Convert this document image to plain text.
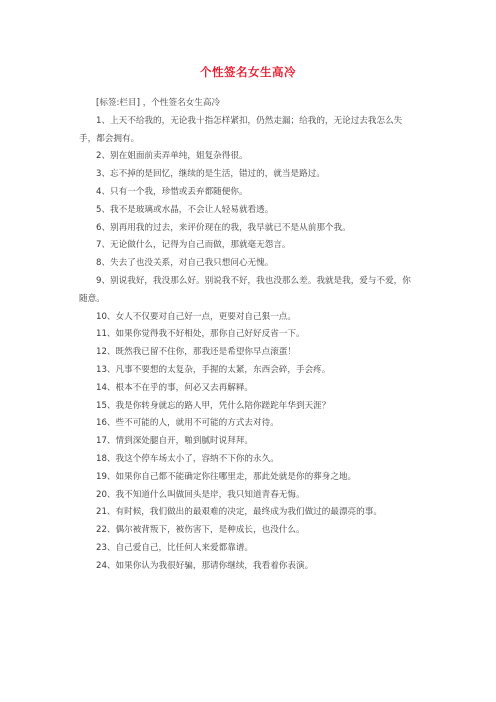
个性签名女生高冷

[标签:栏目] ，个性签名女生高冷

1、上天不给我的，无论我十指怎样紧扣，仍然走漏；给我的，无论过去我怎么失手，都会拥有。

2、别在姐面前卖弄单纯，姐复杂得很。

3、忘不掉的是回忆，继续的是生活，错过的，就当是路过。

4、只有一个我，珍惜或丢弃都随便你。

5、我不是玻璃或水晶，不会让人轻易就看透。

6、别再用我的过去，来评价现在的我，我早就已不是从前那个我。

7、无论做什么，记得为自己而做，那就毫无怨言。

8、失去了也没关系，对自己我只想问心无愧。

9、别说我好，我没那么好。别说我不好，我也没那么差。我就是我，爱与不爱，你随意。

10、女人不仅要对自己好一点，更要对自己狠一点。

11、如果你觉得我不好相处，那你自己好好反省一下。

12、既然我已留不住你，那我还是希望你早点滚蛋！

13、凡事不要想的太复杂，手握的太紧，东西会碎，手会疼。

14、根本不在乎的事，何必又去再解释。

15、我是你转身就忘的路人甲，凭什么陪你蹉跎年华到天涯？

16、些不可能的人，就用不可能的方式去对待。

17、情到深处腿自开，啪到腻时说拜拜。

18、我这个停车场太小了，容纳不下你的永久。

19、如果你自己都不能确定你往哪里走，那此处就是你的葬身之地。

20、我不知道什么叫做回头是岸，我只知道青春无悔。

21、有时候，我们做出的最艰难的决定，最终成为我们做过的最漂亮的事。

22、偶尔被背叛下，被伤害下，是种成长，也没什么。

23、自己爱自己，比任何人来爱都靠谱。

24、如果你认为我很好骗，那请你继续，我看着你表演。
